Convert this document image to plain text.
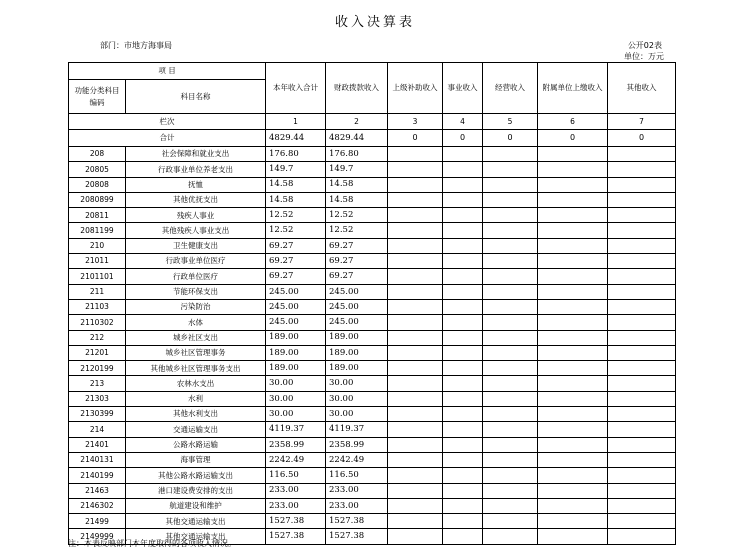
收入决算表
部门：市地方海事局	公开02表
单位：万元
项 目		本年收入合计	财政拨款收入	上级补助收入	事业收入	经营收入	附属单位上缴收入	其他收入
功能分类科目编码	科目名称							
栏次		1	2	3	4	5	6	7
合计		4829.44	4829.44	0	0	0	0	0
208	社会保障和就业支出	176.80	176.80					
20805	行政事业单位养老支出	149.7	149.7					
20808	抚恤	14.58	14.58					
2080899	其他优抚支出	14.58	14.58					
20811	残疾人事业	12.52	12.52					
2081199	其他残疾人事业支出	12.52	12.52					
210	卫生健康支出	69.27	69.27					
21011	行政事业单位医疗	69.27	69.27					
2101101	行政单位医疗	69.27	69.27					
211	节能环保支出	245.00	245.00					
21103	污染防治	245.00	245.00					
2110302	水体	245.00	245.00					
212	城乡社区支出	189.00	189.00					
21201	城乡社区管理事务	189.00	189.00					
2120199	其他城乡社区管理事务支出	189.00	189.00					
213	农林水支出	30.00	30.00					
21303	水利	30.00	30.00					
2130399	其他水利支出	30.00	30.00					
214	交通运输支出	4119.37	4119.37					
21401	公路水路运输	2358.99	2358.99					
2140131	海事管理	2242.49	2242.49					
2140199	其他公路水路运输支出	116.50	116.50					
21463	港口建设费安排的支出	233.00	233.00					
2146302	航道建设和维护	233.00	233.00					
21499	其他交通运输支出	1527.38	1527.38					
2149999	其他交通运输支出	1527.38	1527.38					
注：本表反映部门本年度取得的各项收入情况。
